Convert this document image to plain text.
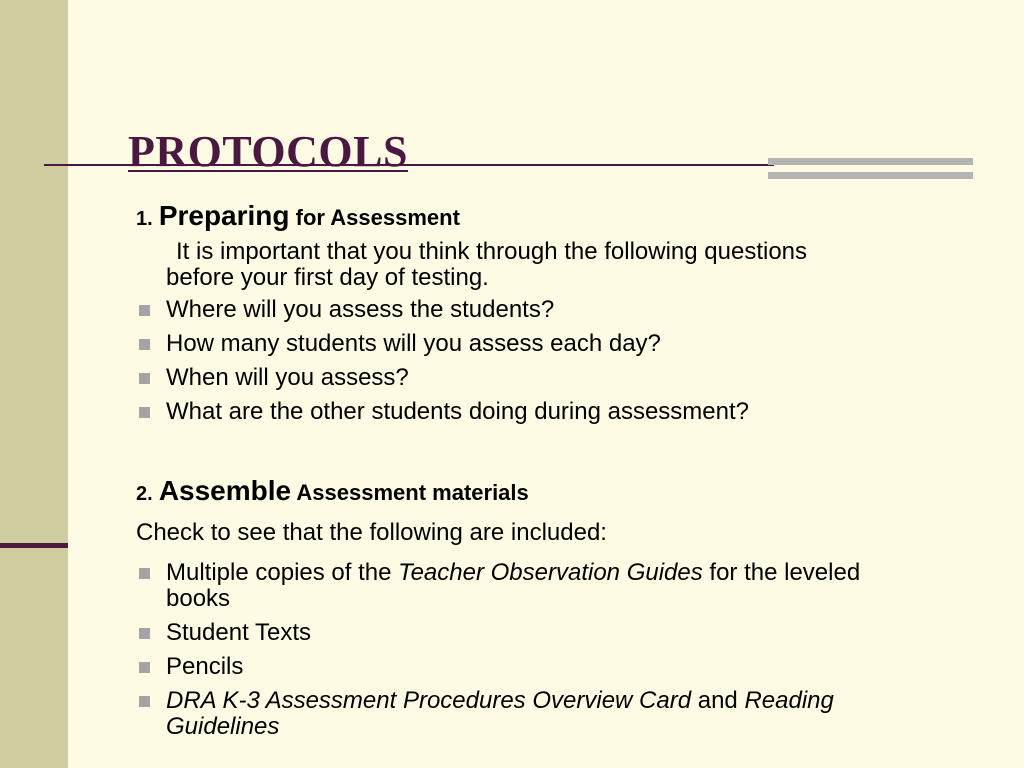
PROTOCOLS

1. Preparing for Assessment

It is important that you think through the following questions before your first day of testing.

Where will you assess the students?
How many students will you assess each day?
When will you assess?
What are the other students doing during assessment?

2. Assemble Assessment materials

Check to see that the following are included:

Multiple copies of the Teacher Observation Guides for the leveled books
Student Texts
Pencils
DRA K-3 Assessment Procedures Overview Card and Reading Guidelines
